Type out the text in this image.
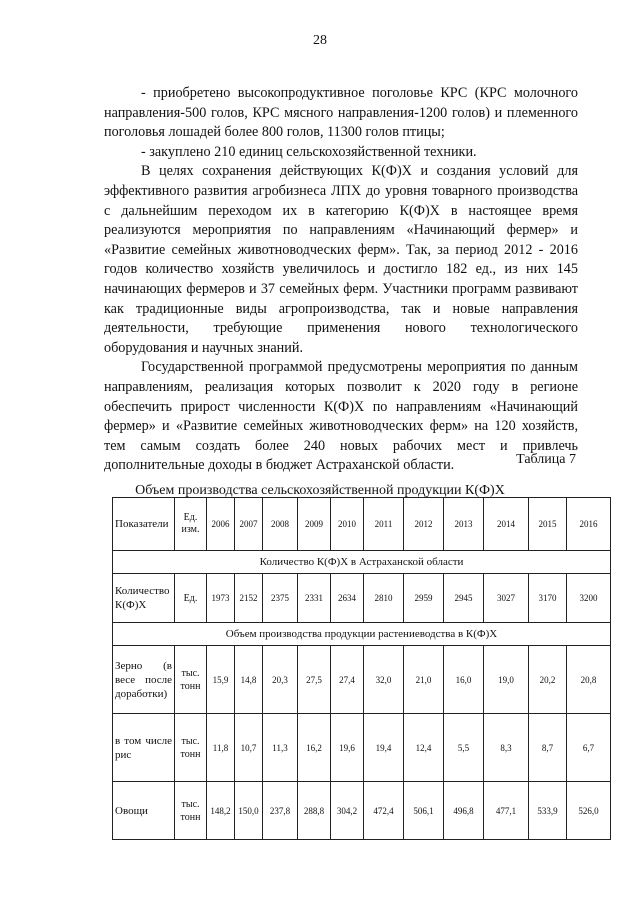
28

- приобретено высокопродуктивное поголовье КРС (КРС молочного направления-500 голов, КРС мясного направления-1200 голов) и племенного поголовья лошадей более 800 голов, 11300 голов птицы;

- закуплено 210 единиц сельскохозяйственной техники.

В целях сохранения действующих К(Ф)Х и создания условий для эффективного развития агробизнеса ЛПХ до уровня товарного производства с дальнейшим переходом их в категорию К(Ф)Х в настоящее время реализуются мероприятия по направлениям «Начинающий фермер» и «Развитие семейных животноводческих ферм». Так, за период 2012 - 2016 годов количество хозяйств увеличилось и достигло 182 ед., из них 145 начинающих фермеров и 37 семейных ферм. Участники программ развивают как традиционные виды агропроизводства, так и новые направления деятельности, требующие применения нового технологического оборудования и научных знаний.

Государственной программой предусмотрены мероприятия по данным направлениям, реализация которых позволит к 2020 году в регионе обеспечить прирост численности К(Ф)Х по направлениям «Начинающий фермер» и «Развитие семейных животноводческих ферм» на 120 хозяйств, тем самым создать более 240 новых рабочих мест и привлечь дополнительные доходы в бюджет Астраханской области.	Таблица 7
Объем производства сельскохозяйственной продукции К(Ф)Х
Показатели	Ед. изм.	2006	2007	2008	2009	2010	2011	2012	2013	2014	2015	2016
Количество К(Ф)Х в Астраханской области												
Количество К(Ф)Х	Ед.	1973	2152	2375	2331	2634	2810	2959	2945	3027	3170	3200
Объем производства продукции растениеводства в К(Ф)Х												
Зерно (в весе после доработки)	тыс. тонн	15,9	14,8	20,3	27,5	27,4	32,0	21,0	16,0	19,0	20,2	20,8
в том числе рис	тыс. тонн	11,8	10,7	11,3	16,2	19,6	19,4	12,4	5,5	8,3	8,7	6,7
Овощи	тыс. тонн	148,2	150,0	237,8	288,8	304,2	472,4	506,1	496,8	477,1	533,9	526,0
